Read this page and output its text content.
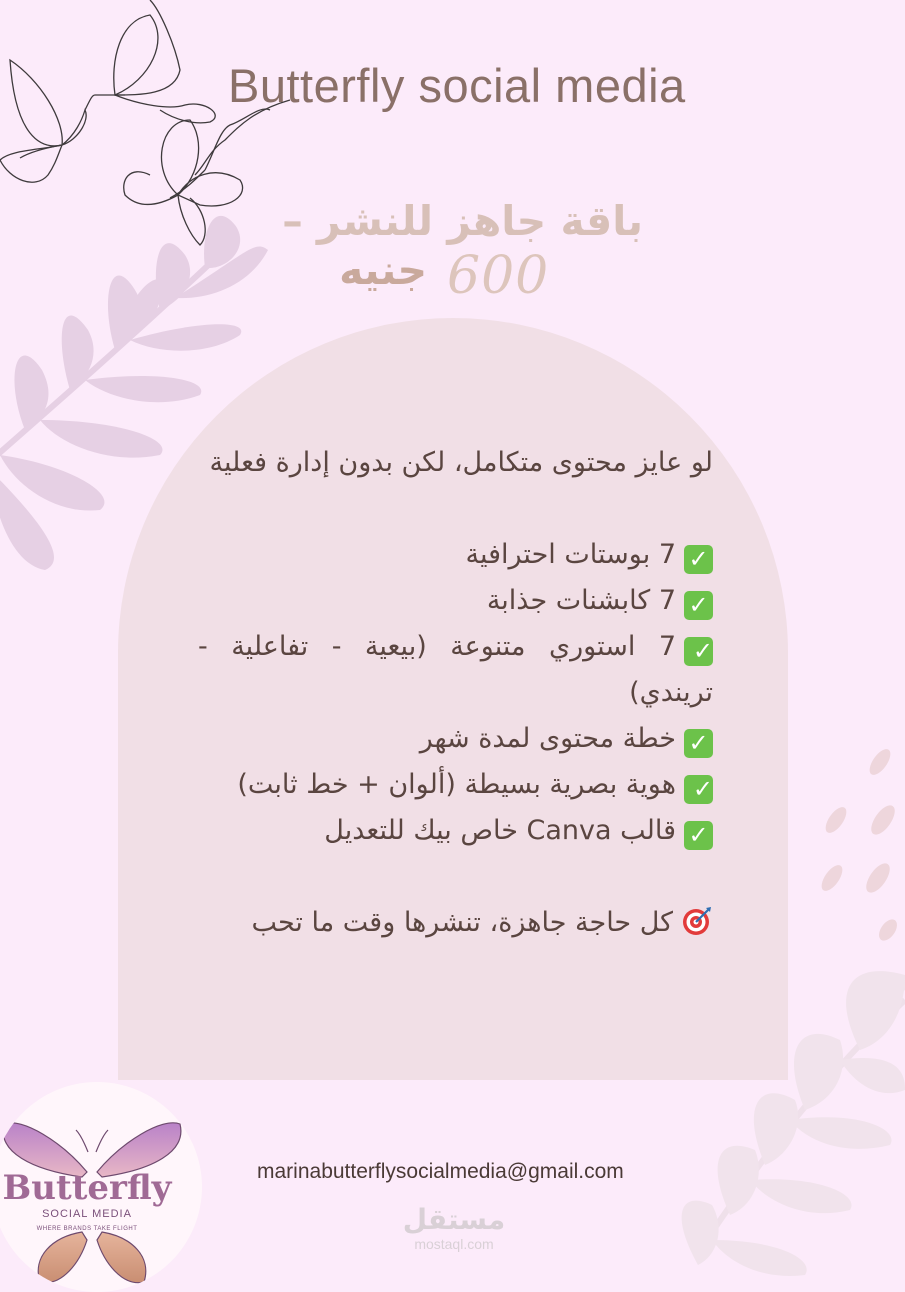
Butterfly social media
باقة جاهز للنشر –
جنيه 600

لو عايز محتوى متكامل، لكن بدون إدارة فعلية

✓7 بوستات احترافية

✓7 كابشنات جذابة

✓7 استوري متنوعة (بيعية - تفاعلية - تريندي)

✓خطة محتوى لمدة شهر

✓هوية بصرية بسيطة (ألوان + خط ثابت)

✓قالب Canva خاص بيك للتعديل

كل حاجة جاهزة، تنشرها وقت ما تحب

Butterfly
SOCIAL MEDIA
WHERE BRANDS TAKE FLIGHT
marinabutterflysocialmedia@gmail.com
مستقل
mostaql.com
